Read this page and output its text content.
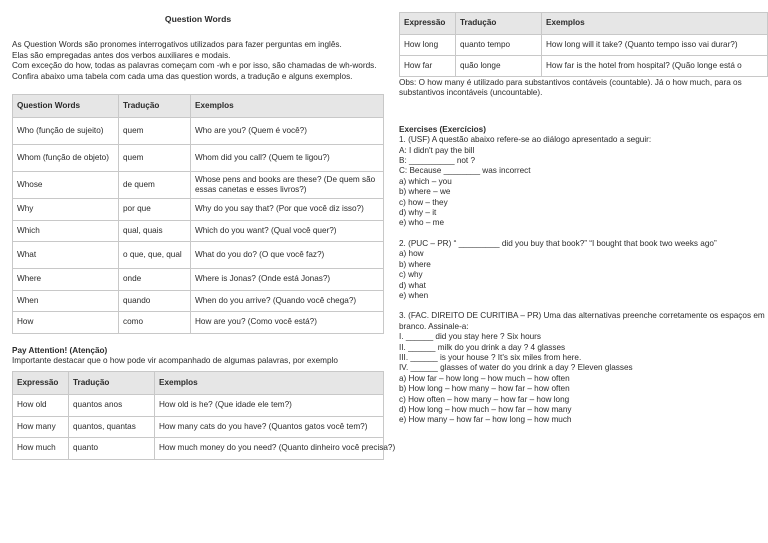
Question Words

As Question Words são pronomes interrogativos utilizados para fazer perguntas em inglês.

Elas são empregadas antes dos verbos auxiliares e modais.

Com exceção do how, todas as palavras começam com -wh e por isso, são chamadas de wh-words.

Confira abaixo uma tabela com cada uma das question words, a tradução e alguns exemplos.

Question Words	Tradução	Exemplos
Who (função de sujeito)	quem	Who are you? (Quem é você?)
Whom (função de objeto)	quem	Whom did you call? (Quem te ligou?)
Whose	de quem	Whose pens and books are these? (De quem são essas canetas e esses livros?)
Why	por que	Why do you say that? (Por que você diz isso?)
Which	qual, quais	Which do you want? (Qual você quer?)
What	o que, que, qual	What do you do? (O que você faz?)
Where	onde	Where is Jonas? (Onde está Jonas?)
When	quando	When do you arrive? (Quando você chega?)
How	como	How are you? (Como você está?)
Pay Attention! (Atenção)

Importante destacar que o how pode vir acompanhado de algumas palavras, por exemplo

Expressão	Tradução	Exemplos
How old	quantos anos	How old is he? (Que idade ele tem?)
How many	quantos, quantas	How many cats do you have? (Quantos gatos você tem?)
How much	quanto	How much money do you need? (Quanto dinheiro você precisa?)
Expressão	Tradução	Exemplos
How long	quanto tempo	How long will it take? (Quanto tempo isso vai durar?)
How far	quão longe	How far is the hotel from hospital? (Quão longe está o

Obs: O how many é utilizado para substantivos contáveis (countable). Já o how much, para os substantivos incontáveis (uncountable).

Exercises (Exercícios)

1. (USF) A questão abaixo refere-se ao diálogo apresentado a seguir:

A: I didn't pay the bill

B: __________ not ?

C: Because ________ was incorrect

a) which – you

b) where – we

c) how – they

d) why – it

e) who – me

2. (PUC – PR) “ _________ did you buy that book?” “I bought that book two weeks ago”

a) how

b) where

c) why

d) what

e) when

3. (FAC. DIREITO DE CURITIBA – PR) Uma das alternativas preenche corretamente os espaços em branco. Assinale-a:

I. ______ did you stay here ? Six hours

II. ______ milk do you drink a day ? 4 glasses

III. ______ is your house ? It's six miles from here.

IV. ______ glasses of water do you drink a day ? Eleven glasses

a) How far – how long – how much – how often

b) How long – how many – how far – how often

c) How often – how many – how far – how long

d) How long – how much – how far – how many

e) How many – how far – how long – how much
